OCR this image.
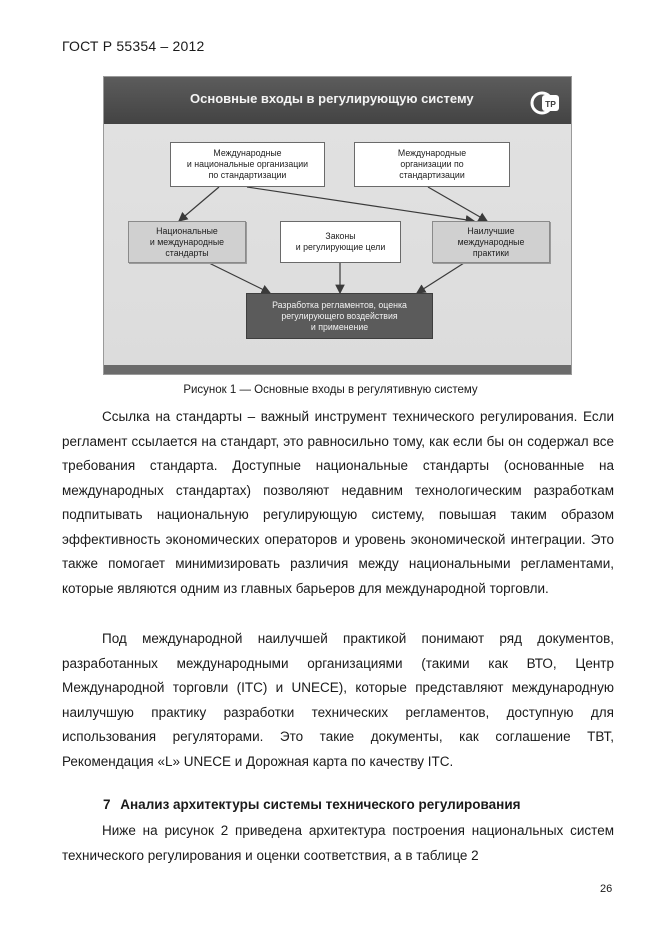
ГОСТ Р 55354 – 2012
Основные входы в регулирующую систему	ТР
Международные
и национальные организации
по стандартизации
Международные
организации по
стандартизации
Национальные
и международные
стандарты
Законы
и регулирующие цели
Наилучшие
международные
практики
Разработка регламентов, оценка
регулирующего воздействия
и применение
Рисунок 1 — Основные входы в регулятивную систему

Ссылка на стандарты – важный инструмент технического регулирования. Если регламент ссылается на стандарт, это равносильно тому, как если бы он содержал все требования стандарта. Доступные национальные стандарты (основанные на международных стандартах) позволяют недавним технологическим разработкам подпитывать национальную регулирующую систему, повышая таким образом эффективность экономических операторов и уровень экономической интеграции. Это также помогает минимизировать различия между национальными регламентами, которые являются одним из главных барьеров для международной торговли.

Под международной наилучшей практикой понимают ряд документов, разработанных международными организациями (такими как ВТО, Центр Международной торговли (ITC) и UNECE), которые представляют международную наилучшую практику разработки технических регламентов, доступную для использования регуляторами. Это такие документы, как соглашение ТВТ, Рекомендация «L» UNECE и Дорожная карта по качеству ITC.

7 Анализ архитектуры системы технического регулирования

Ниже на рисунок 2 приведена архитектура построения национальных систем технического регулирования и оценки соответствия, а в таблице 2

26
